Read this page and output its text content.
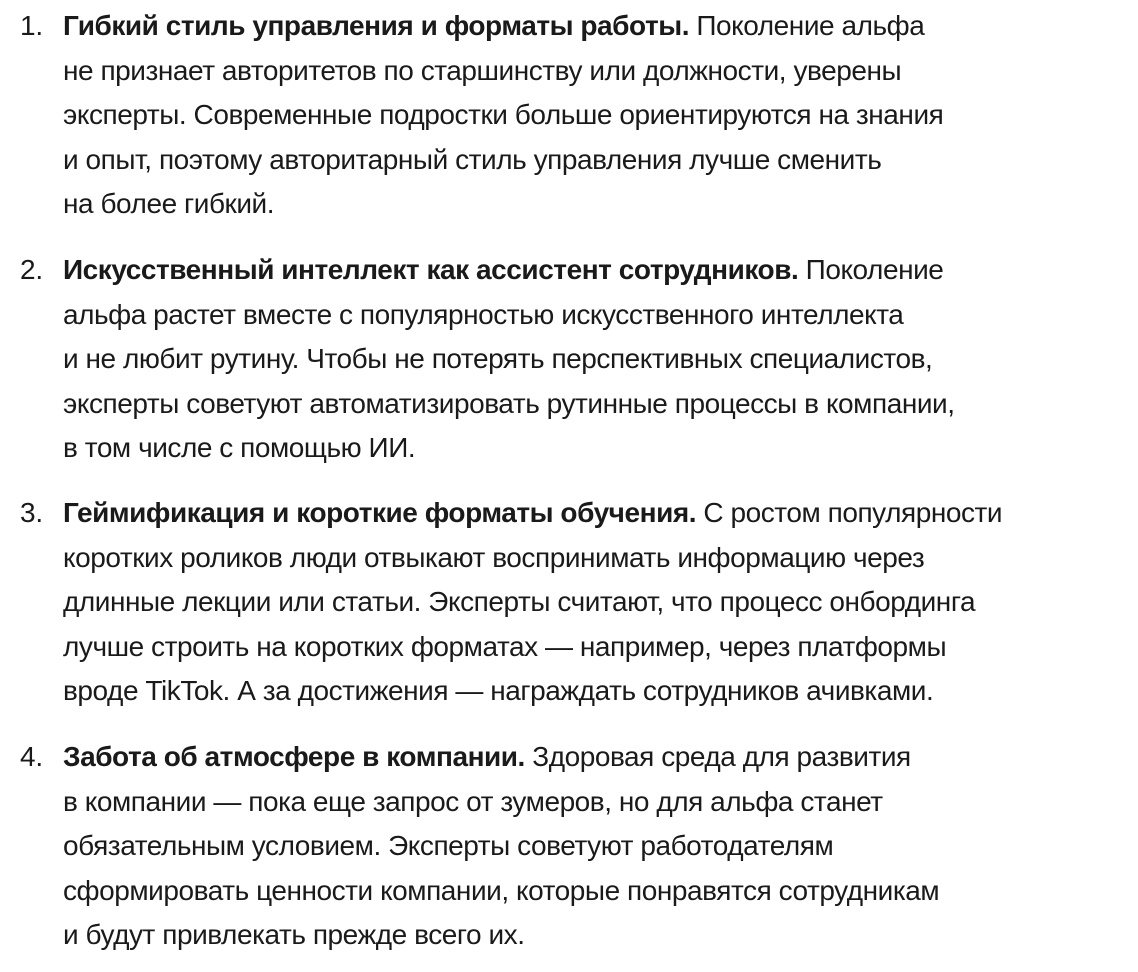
1. Гибкий стиль управления и форматы работы. Поколение альфа
не признает авторитетов по старшинству или должности, уверены
эксперты. Современные подростки больше ориентируются на знания
и опыт, поэтому авторитарный стиль управления лучше сменить
на более гибкий.
2. Искусственный интеллект как ассистент сотрудников. Поколение
альфа растет вместе с популярностью искусственного интеллекта
и не любит рутину. Чтобы не потерять перспективных специалистов,
эксперты советуют автоматизировать рутинные процессы в компании,
в том числе с помощью ИИ.
3. Геймификация и короткие форматы обучения. С ростом популярности
коротких роликов люди отвыкают воспринимать информацию через
длинные лекции или статьи. Эксперты считают, что процесс онбординга
лучше строить на коротких форматах — например, через платформы
вроде TikTok. А за достижения — награждать сотрудников ачивками.
4. Забота об атмосфере в компании. Здоровая среда для развития
в компании — пока еще запрос от зумеров, но для альфа станет
обязательным условием. Эксперты советуют работодателям
сформировать ценности компании, которые понравятся сотрудникам
и будут привлекать прежде всего их.
